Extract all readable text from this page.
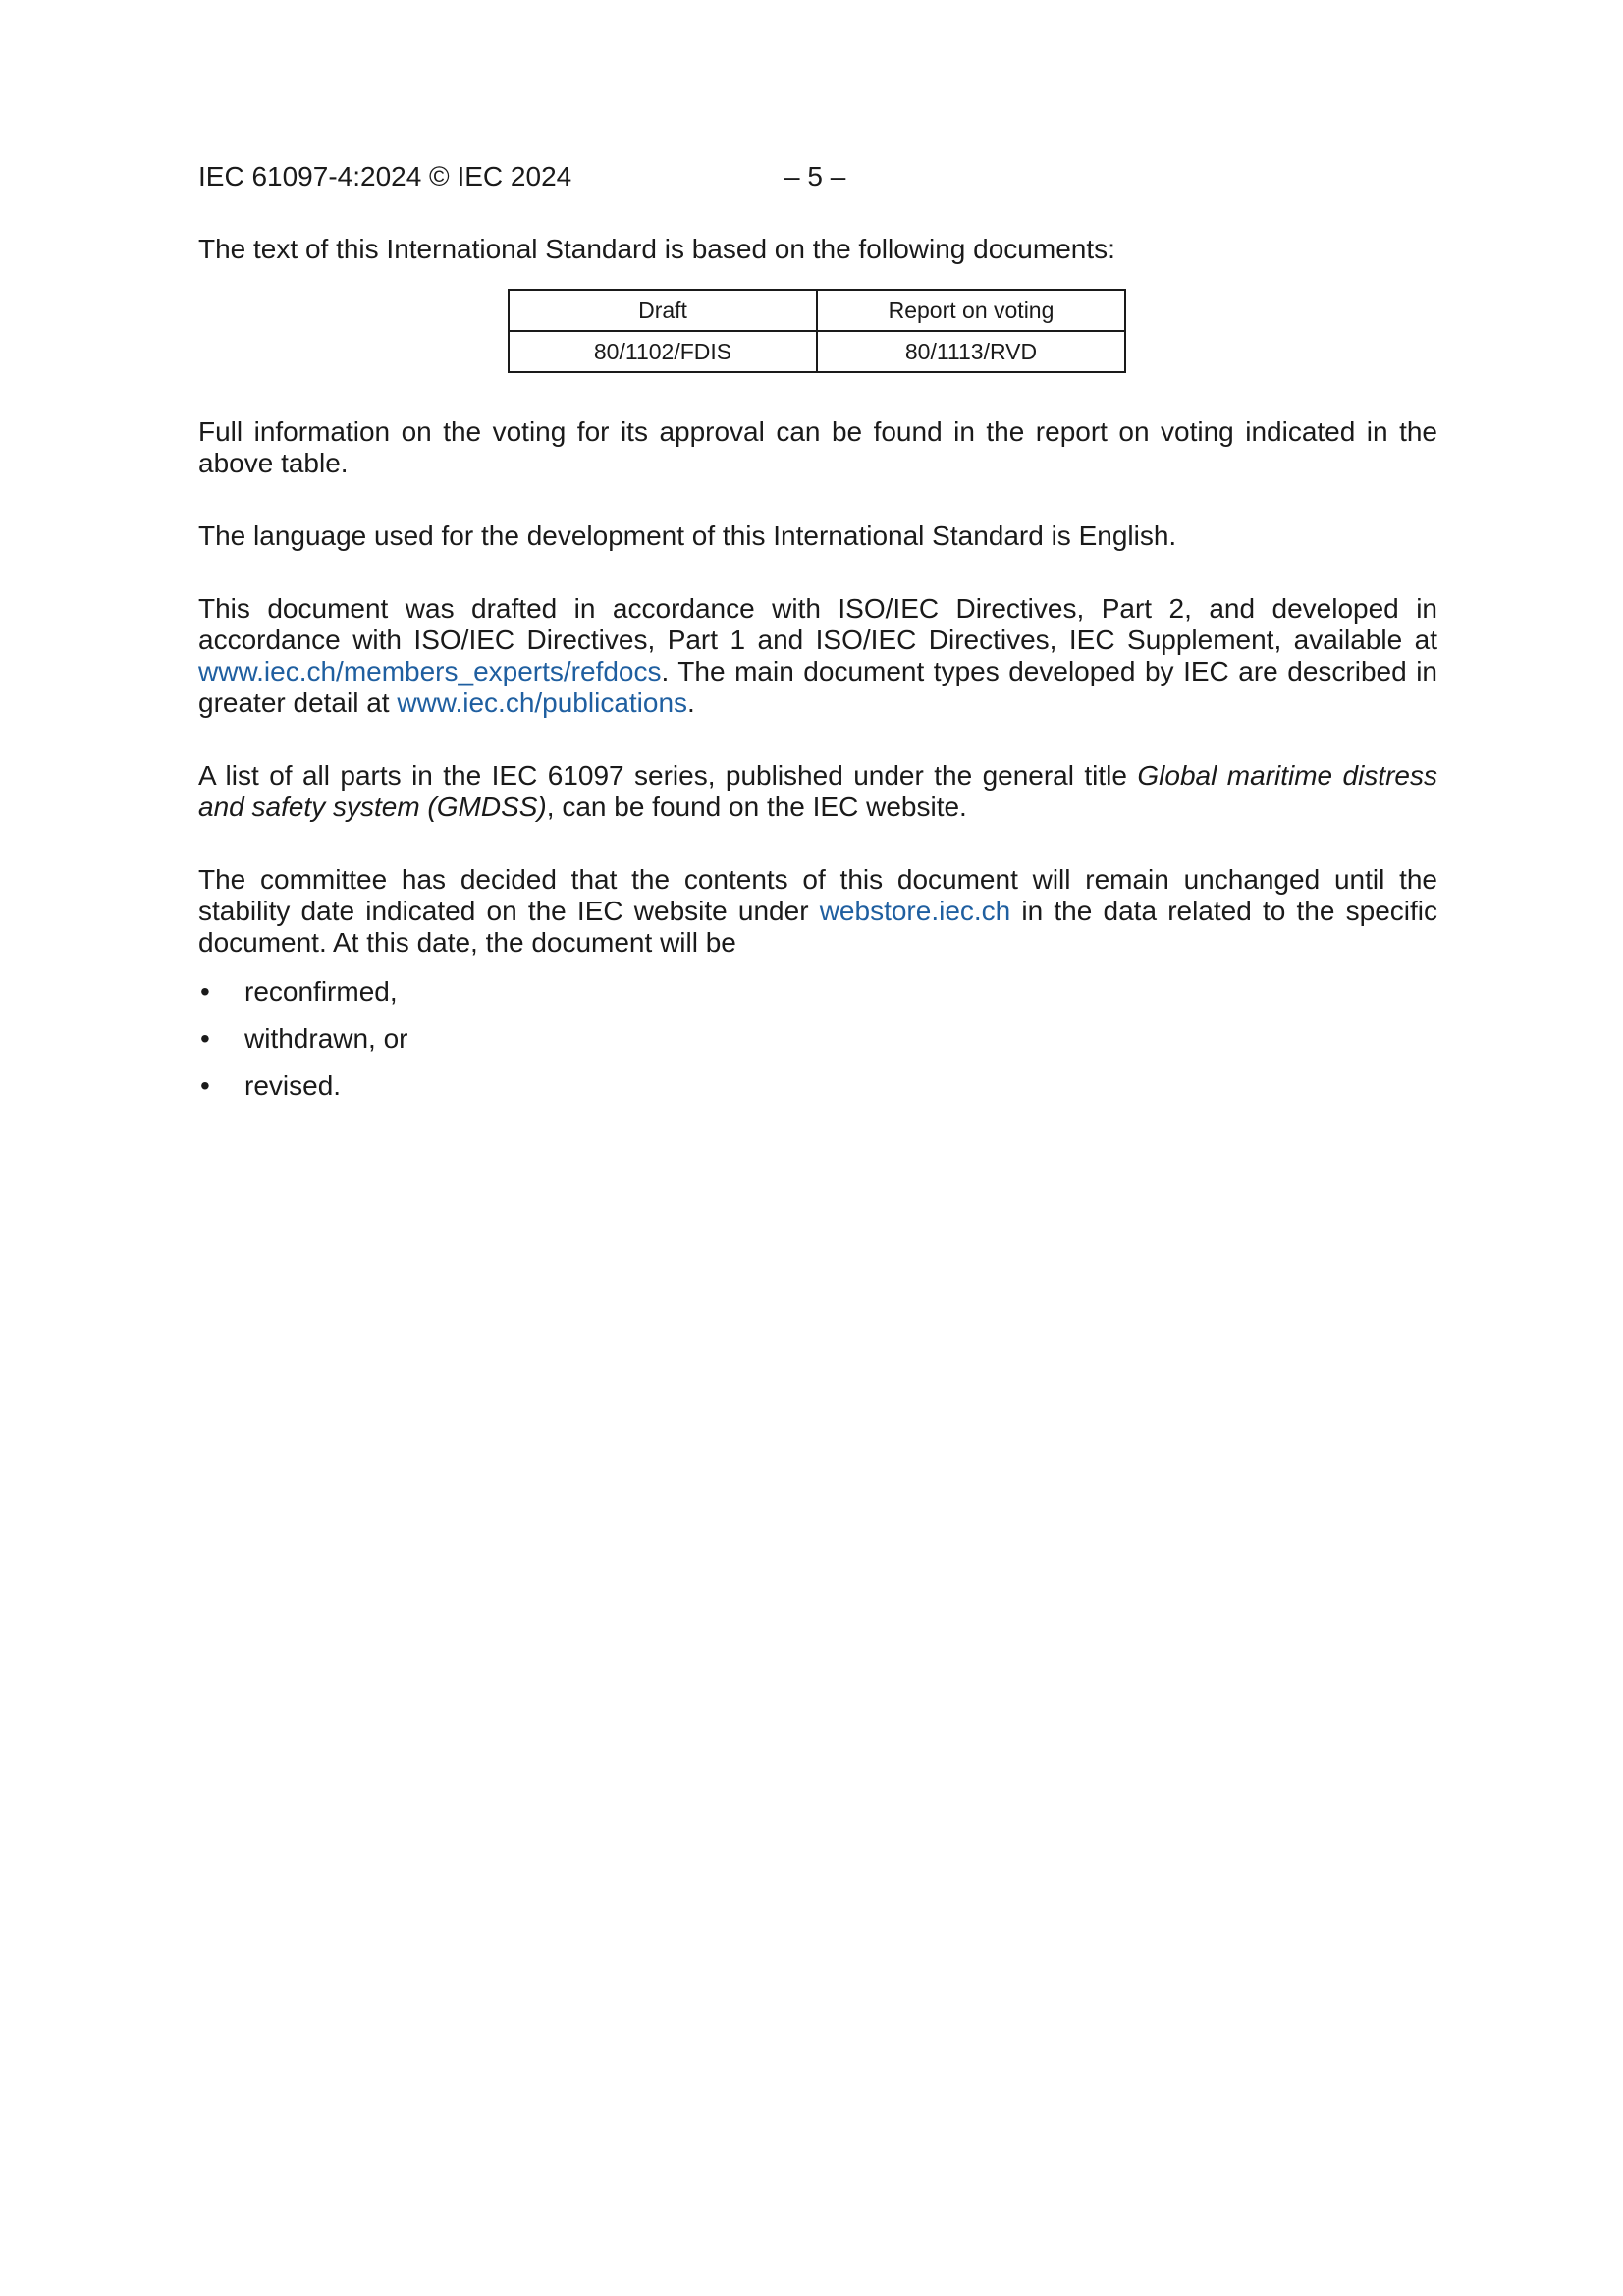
IEC 61097-4:2024 © IEC 2024	– 5 –

The text of this International Standard is based on the following documents:

Draft	Report on voting
80/1102/FDIS	80/1113/RVD

Full information on the voting for its approval can be found in the report on voting indicated in the above table.

The language used for the development of this International Standard is English.

This document was drafted in accordance with ISO/IEC Directives, Part 2, and developed in accordance with ISO/IEC Directives, Part 1 and ISO/IEC Directives, IEC Supplement, available at www.iec.ch/members_experts/refdocs. The main document types developed by IEC are described in greater detail at www.iec.ch/publications.

A list of all parts in the IEC 61097 series, published under the general title Global maritime distress and safety system (GMDSS), can be found on the IEC website.

The committee has decided that the contents of this document will remain unchanged until the stability date indicated on the IEC website under webstore.iec.ch in the data related to the specific document. At this date, the document will be

• reconfirmed,
• withdrawn, or
• revised.
